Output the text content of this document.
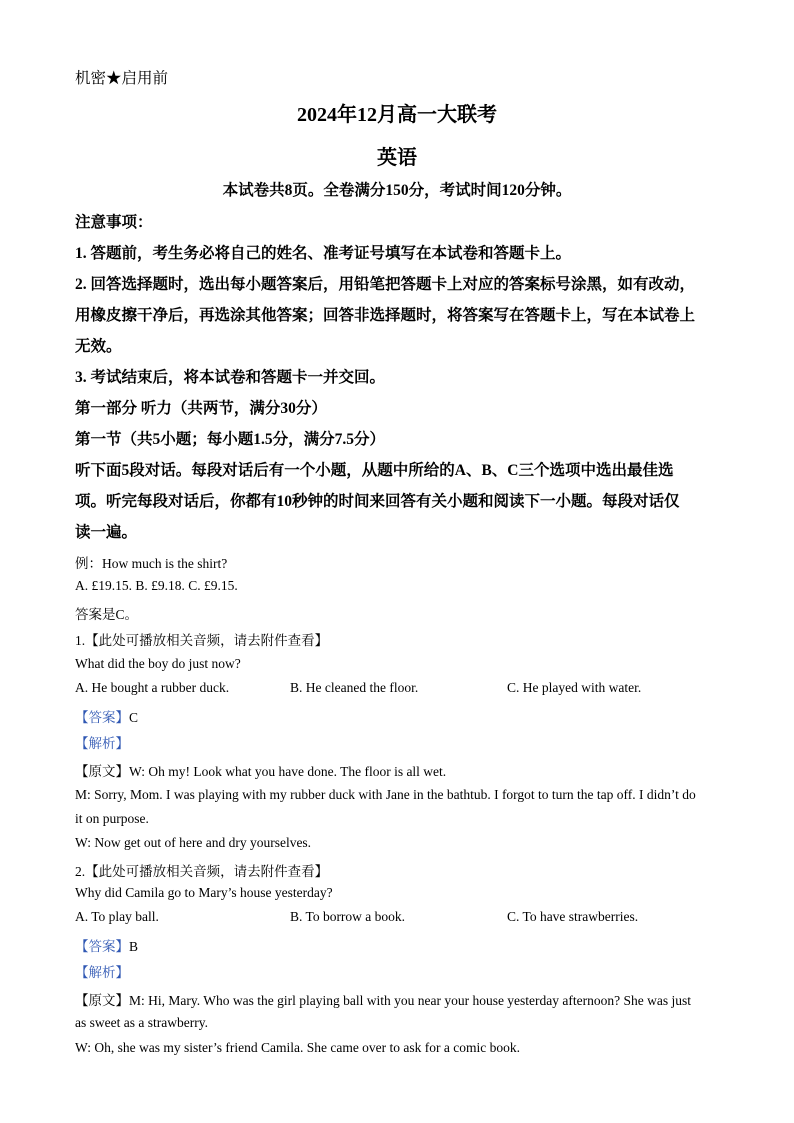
机密★启用前
2024年12月高一大联考
英语
本试卷共8页。全卷满分150分，考试时间120分钟。
注意事项：
1. 答题前，考生务必将自己的姓名、准考证号填写在本试卷和答题卡上。
2. 回答选择题时，选出每小题答案后，用铅笔把答题卡上对应的答案标号涂黑，如有改动，
用橡皮擦干净后，再选涂其他答案；回答非选择题时，将答案写在答题卡上，写在本试卷上
无效。
3. 考试结束后，将本试卷和答题卡一并交回。
第一部分 听力（共两节，满分30分）
第一节（共5小题；每小题1.5分，满分7.5分）
听下面5段对话。每段对话后有一个小题，从题中所给的A、B、C三个选项中选出最佳选
项。听完每段对话后，你都有10秒钟的时间来回答有关小题和阅读下一小题。每段对话仅
读一遍。
例：How much is the shirt?
A. £19.15. B. £9.18. C. £9.15.
答案是C。
1.【此处可播放相关音频，请去附件查看】
What did the boy do just now?
A. He bought a rubber duck.	B. He cleaned the floor.	C. He played with water.
【答案】C
【解析】
【原文】W: Oh my! Look what you have done. The floor is all wet.
M: Sorry, Mom. I was playing with my rubber duck with Jane in the bathtub. I forgot to turn the tap off. I didn’t do
it on purpose.
W: Now get out of here and dry yourselves.
2.【此处可播放相关音频，请去附件查看】
Why did Camila go to Mary’s house yesterday?
A. To play ball.	B. To borrow a book.	C. To have strawberries.
【答案】B
【解析】
【原文】M: Hi, Mary. Who was the girl playing ball with you near your house yesterday afternoon? She was just
as sweet as a strawberry.
W: Oh, she was my sister’s friend Camila. She came over to ask for a comic book.
